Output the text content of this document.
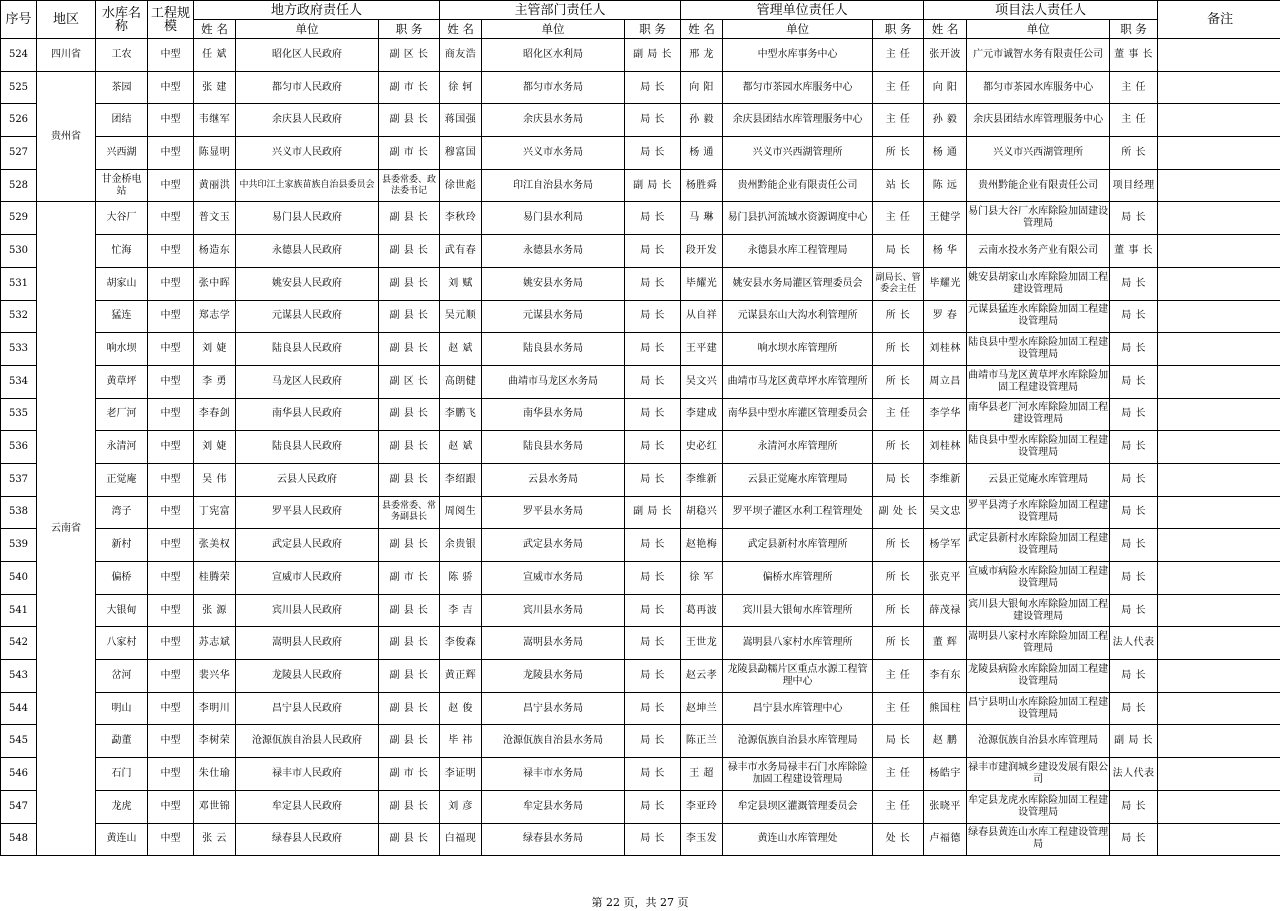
序号	地区	水库名称	工程规模	地方政府责任人			主管部门责任人			管理单位责任人			项目法人责任人			备注
				姓 名	单位	职 务	姓 名	单位	职 务	姓 名	单位	职 务	姓 名	单位	职 务	
524	四川省	工农	中型	任 斌	昭化区人民政府	副 区 长	商友浩	昭化区水利局	副 局 长	邢 龙	中型水库事务中心	主 任	张开波	广元市诚智水务有限责任公司	董 事 长	
525	贵州省	茶园	中型	张 建	都匀市人民政府	副 市 长	徐 轲	都匀市水务局	局 长	向 阳	都匀市茶园水库服务中心	主 任	向 阳	都匀市茶园水库服务中心	主 任	
526		团结	中型	韦继军	余庆县人民政府	副 县 长	蒋国强	余庆县水务局	局 长	孙 毅	余庆县团结水库管理服务中心	主 任	孙 毅	余庆县团结水库管理服务中心	主 任	
527		兴西湖	中型	陈显明	兴义市人民政府	副 市 长	穆富国	兴义市水务局	局 长	杨 通	兴义市兴西湖管理所	所 长	杨 通	兴义市兴西湖管理所	所 长	
528		甘金桥电站	中型	黄丽洪	中共印江土家族苗族自治县委员会	县委常委、政法委书记	徐世彪	印江自治县水务局	副 局 长	杨胜舜	贵州黔能企业有限责任公司	站 长	陈 远	贵州黔能企业有限责任公司	项目经理	
529	云南省	大谷厂	中型	普文玉	易门县人民政府	副 县 长	李秋玲	易门县水利局	局 长	马 琳	易门县扒河流域水资源调度中心	主 任	王健学	易门县大谷厂水库除险加固建设管理局	局 长	
530		忙海	中型	杨造东	永德县人民政府	副 县 长	武有春	永德县水务局	局 长	段开发	永德县水库工程管理局	局 长	杨 华	云南水投水务产业有限公司	董 事 长	
531		胡家山	中型	张中晖	姚安县人民政府	副 县 长	刘 赋	姚安县水务局	局 长	毕耀光	姚安县水务局灌区管理委员会	副局长、管委会主任	毕耀光	姚安县胡家山水库除险加固工程建设管理局	局 长	
532		猛连	中型	郑志学	元谋县人民政府	副 县 长	吴元顺	元谋县水务局	局 长	从自祥	元谋县东山大沟水利管理所	所 长	罗 春	元谋县猛连水库除险加固工程建设管理局	局 长	
533		响水坝	中型	刘 婕	陆良县人民政府	副 县 长	赵 斌	陆良县水务局	局 长	王平建	响水坝水库管理所	所 长	刘桂林	陆良县中型水库除险加固工程建设管理局	局 长	
534		黄草坪	中型	李 勇	马龙区人民政府	副 区 长	高朗健	曲靖市马龙区水务局	局 长	吴文兴	曲靖市马龙区黄草坪水库管理所	所 长	周立昌	曲靖市马龙区黄草坪水库除险加固工程建设管理局	局 长	
535		老厂河	中型	李春剑	南华县人民政府	副 县 长	李鹏飞	南华县水务局	局 长	李建成	南华县中型水库灌区管理委员会	主 任	李学华	南华县老厂河水库除险加固工程建设管理局	局 长	
536		永清河	中型	刘 婕	陆良县人民政府	副 县 长	赵 斌	陆良县水务局	局 长	史必红	永清河水库管理所	所 长	刘桂林	陆良县中型水库除险加固工程建设管理局	局 长	
537		正觉庵	中型	吴 伟	云县人民政府	副 县 长	李绍跟	云县水务局	局 长	李维新	云县正觉庵水库管理局	局 长	李维新	云县正觉庵水库管理局	局 长	
538		湾子	中型	丁宪富	罗平县人民政府	县委常委、常务副县长	周阅生	罗平县水务局	副 局 长	胡稳兴	罗平坝子灌区水利工程管理处	副 处 长	吴文忠	罗平县湾子水库除险加固工程建设管理局	局 长	
539		新村	中型	张美权	武定县人民政府	副 县 长	余贵银	武定县水务局	局 长	赵艳梅	武定县新村水库管理所	所 长	杨学军	武定县新村水库除险加固工程建设管理局	局 长	
540		偏桥	中型	桂腾荣	宣威市人民政府	副 市 长	陈 骄	宣威市水务局	局 长	徐 军	偏桥水库管理所	所 长	张克平	宣威市病险水库除险加固工程建设管理局	局 长	
541		大银甸	中型	张 源	宾川县人民政府	副 县 长	李 吉	宾川县水务局	局 长	葛再波	宾川县大银甸水库管理所	所 长	薛茂禄	宾川县大银甸水库除险加固工程建设管理局	局 长	
542		八家村	中型	苏志斌	嵩明县人民政府	副 县 长	李俊森	嵩明县水务局	局 长	王世龙	嵩明县八家村水库管理所	所 长	董 辉	嵩明县八家村水库除险加固工程管理局	法人代表	
543		岔河	中型	裴兴华	龙陵县人民政府	副 县 长	黄正辉	龙陵县水务局	局 长	赵云孝	龙陵县勐糯片区重点水源工程管理中心	主 任	李有东	龙陵县病险水库除险加固工程建设管理局	局 长	
544		明山	中型	李明川	昌宁县人民政府	副 县 长	赵 俊	昌宁县水务局	局 长	赵坤兰	昌宁县水库管理中心	主 任	熊国柱	昌宁县明山水库除险加固工程建设管理局	局 长	
545		勐董	中型	李树荣	沧源佤族自治县人民政府	副 县 长	毕 祎	沧源佤族自治县水务局	局 长	陈正兰	沧源佤族自治县水库管理局	局 长	赵 鹏	沧源佤族自治县水库管理局	副 局 长	
546		石门	中型	朱仕瑜	禄丰市人民政府	副 市 长	李证明	禄丰市水务局	局 长	王 超	禄丰市水务局禄丰石门水库除险加固工程建设管理局	主 任	杨皓宇	禄丰市建润城乡建设发展有限公司	法人代表	
547		龙虎	中型	邓世锦	牟定县人民政府	副 县 长	刘 彦	牟定县水务局	局 长	李亚玲	牟定县坝区灌溉管理委员会	主 任	张晓平	牟定县龙虎水库除险加固工程建设管理局	局 长	
548		黄连山	中型	张 云	绿春县人民政府	副 县 长	白福现	绿春县水务局	局 长	李玉发	黄连山水库管理处	处 长	卢福德	绿春县黄连山水库工程建设管理局	局 长	
第 22 页，共 27 页
